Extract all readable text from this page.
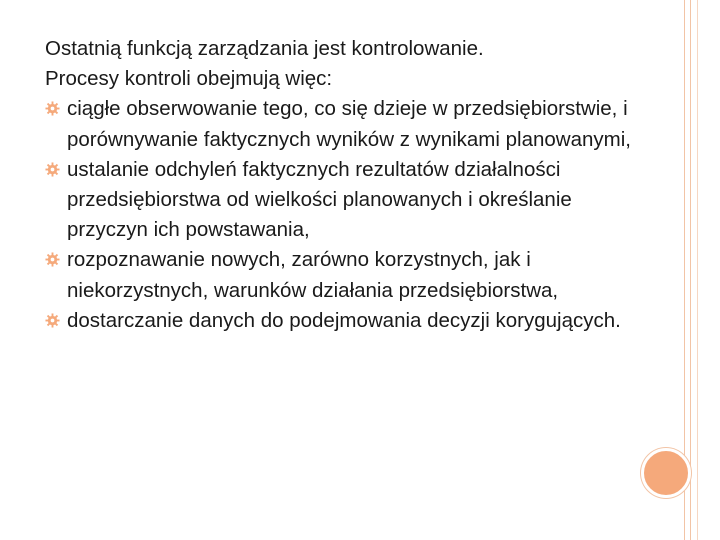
Ostatnią funkcją zarządzania jest kontrolowanie.

Procesy kontroli obejmują więc:

ciągłe obserwowanie tego, co się dzieje w przedsiębiorstwie, i porównywanie faktycznych wyników z wynikami planowanymi,
ustalanie odchyleń faktycznych rezultatów działalności przedsiębiorstwa od wielkości planowanych i określanie przyczyn ich powstawania,
rozpoznawanie nowych, zarówno korzystnych, jak i niekorzystnych, warunków działania przedsiębiorstwa,
dostarczanie danych do podejmowania decyzji korygujących.
